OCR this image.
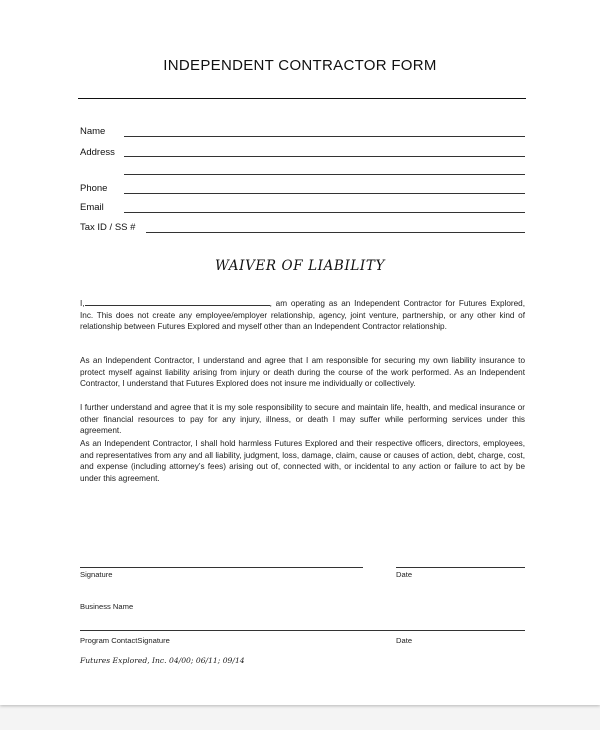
INDEPENDENT CONTRACTOR FORM
Name
Address
Phone
Email
Tax ID / SS #
WAIVER OF LIABILITY
I,	, am operating as an Independent Contractor for Futures Explored, Inc. This does not create any employee/employer relationship, agency, joint venture, partnership, or any other kind of relationship between Futures Explored and myself other than an Independent Contractor relationship.
As an Independent Contractor, I understand and agree that I am responsible for securing my own liability insurance to protect myself against liability arising from injury or death during the course of the work performed. As an Independent Contractor, I understand that Futures Explored does not insure me individually or collectively.
I further understand and agree that it is my sole responsibility to secure and maintain life, health, and medical insurance or other financial resources to pay for any injury, illness, or death I may suffer while performing services under this agreement.
As an Independent Contractor, I shall hold harmless Futures Explored and their respective officers, directors, employees, and representatives from any and all liability, judgment, loss, damage, claim, cause or causes of action, debt, charge, cost, and expense (including attorney’s fees) arising out of, connected with, or incidental to any action or failure to act by be under this agreement.
Signature	Date
Business Name
Program ContactSignature	Date
Futures Explored, Inc. 04/00; 06/11; 09/14
